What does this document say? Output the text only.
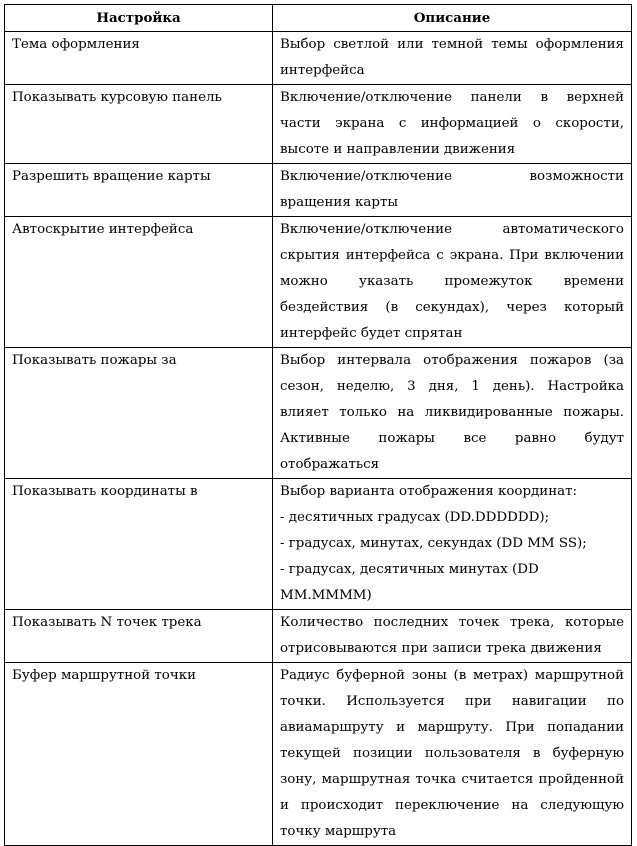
Настройка	Описание
Тема оформления	Выбор светлой или темной темы оформления интерфейса
Показывать курсовую панель	Включение/отключение панели в верхней части экрана с информацией о скорости, высоте и направлении движения
Разрешить вращение карты	Включение/отключение возможности вращения карты
Автоскрытие интерфейса	Включение/отключение автоматического скрытия интерфейса с экрана. При включении можно указать промежуток времени бездействия (в секундах), через который интерфейс будет спрятан
Показывать пожары за	Выбор интервала отображения пожаров (за сезон, неделю, 3 дня, 1 день). Настройка влияет только на ликвидированные пожары. Активные пожары все равно будут отображаться
Показывать координаты в	Выбор варианта отображения координат:
- десятичных градусах (DD.DDDDDD);
- градусах, минутах, секундах (DD MM SS);
- градусах, десятичных минутах (DD MM.MMMM)

Показывать N точек трека	Количество последних точек трека, которые отрисовываются при записи трека движения
Буфер маршрутной точки	Радиус буферной зоны (в метрах) маршрутной точки. Используется при навигации по авиамаршруту и маршруту. При попадании текущей позиции пользователя в буферную зону, маршрутная точка считается пройденной и происходит переключение на следующую точку маршрута
